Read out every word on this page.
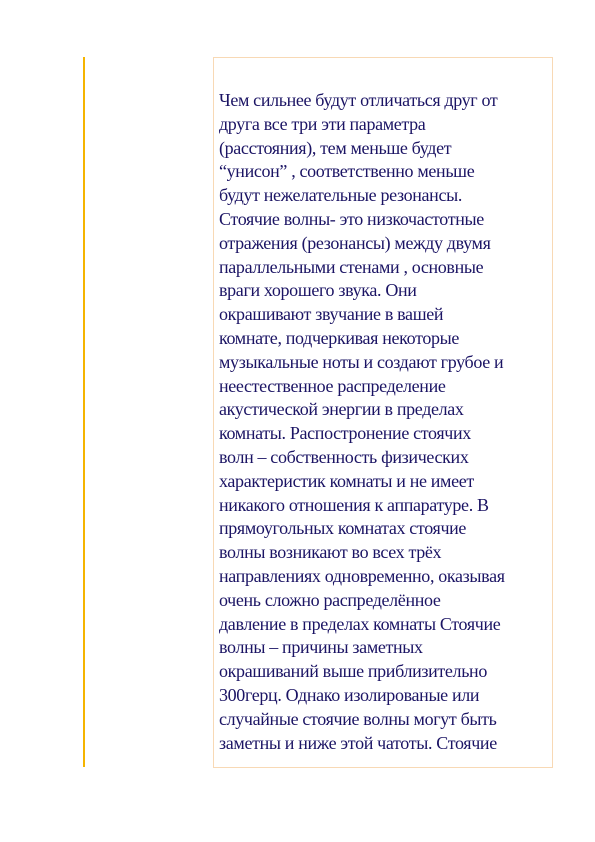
Чем сильнее будут отличаться друг от
друга все три эти параметра
(расстояния), тем меньше будет
“унисон” , соответственно меньше
будут нежелательные резонансы.
Стоячие волны- это низкочастотные
отражения (резонансы) между двумя
параллельными стенами , основные
враги хорошего звука. Они
окрашивают звучание в вашей
комнате, подчеркивая некоторые
музыкальные ноты и создают грубое и
неестественное распределение
акустической энергии в пределах
комнаты. Распостронение стоячих
волн – собственность физических
характеристик комнаты и не имеет
никакого отношения к аппаратуре. В
прямоугольных комнатах стоячие
волны возникают во всех трёх
направлениях одновременно, оказывая
очень сложно распределённое
давление в пределах комнаты Стоячие
волны – причины заметных
окрашиваний выше приблизительно
300герц. Однако изолированые или
случайные стоячие волны могут быть
заметны и ниже этой чатоты. Стоячие
